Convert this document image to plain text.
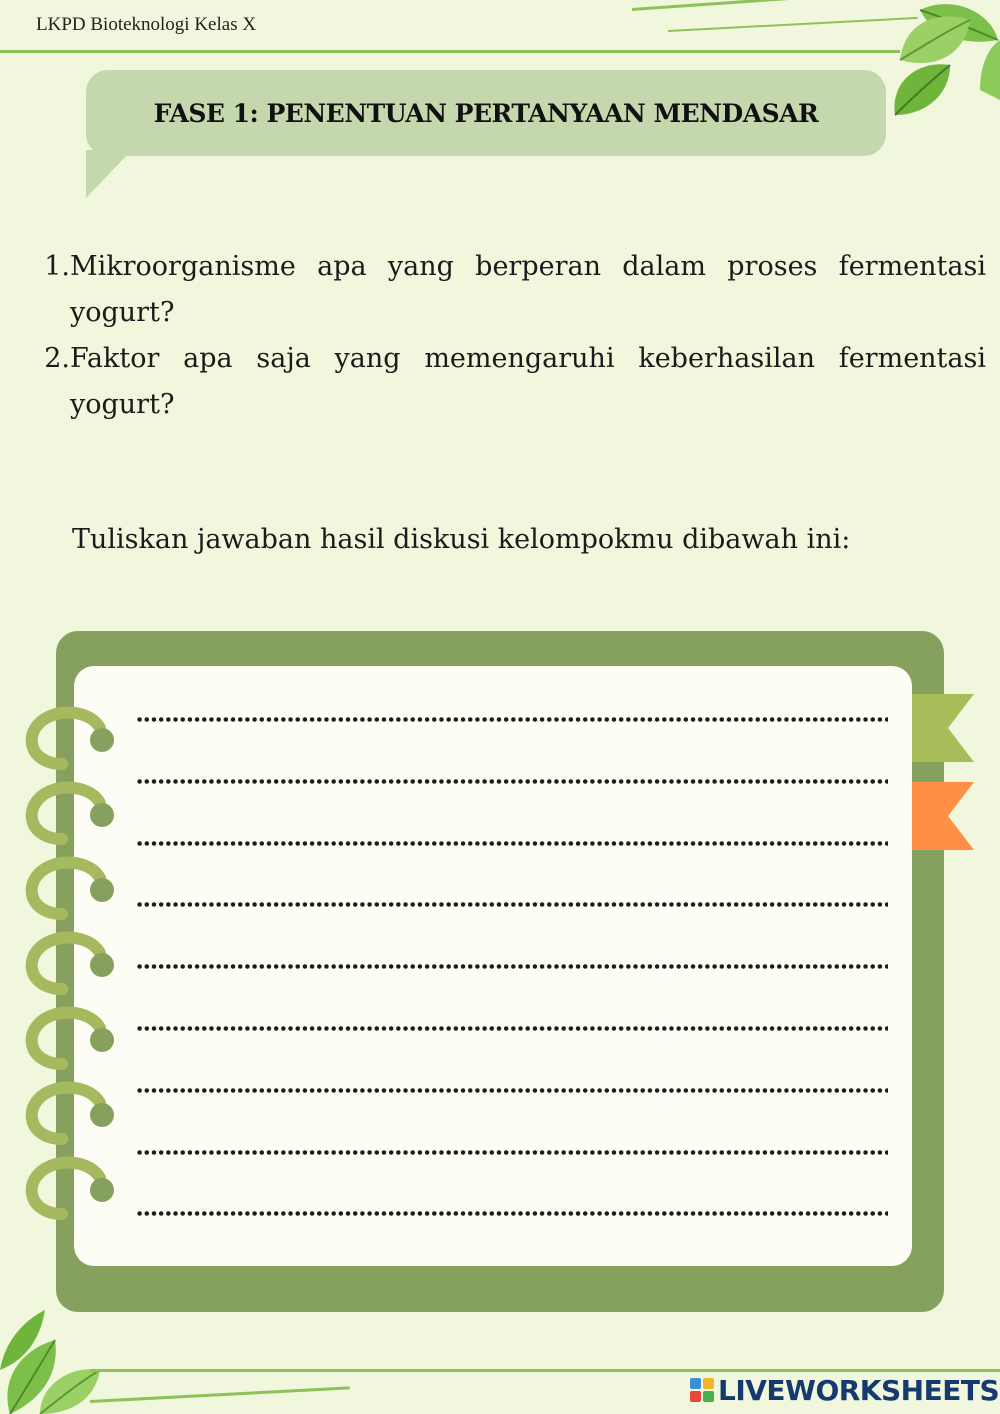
LKPD Bioteknologi Kelas X
FASE 1: PENENTUAN PERTANYAAN MENDASAR
1. Mikroorganisme apa yang berperan dalam proses fermentasi yogurt?
2. Faktor apa saja yang memengaruhi keberhasilan fermentasi yogurt?
Tuliskan jawaban hasil diskusi kelompokmu dibawah ini:
LIVEWORKSHEETS
